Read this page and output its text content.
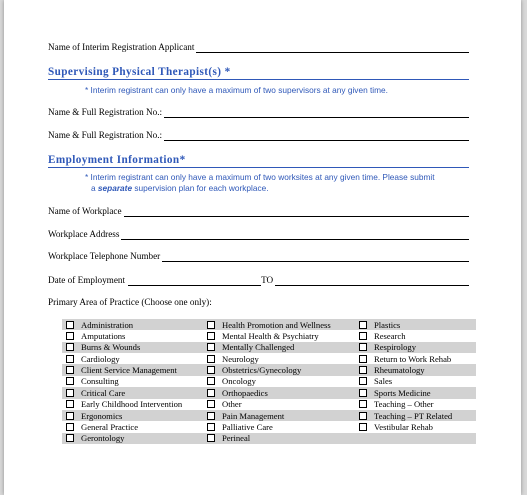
Name of Interim Registration Applicant
Supervising Physical Therapist(s) *
* Interim registrant can only have a maximum of two supervisors at any given time.
Name & Full Registration No.:
Name & Full Registration No.:
Employment Information*
* Interim registrant can only have a maximum of two worksites at any given time. Please submit
a separate supervision plan for each workplace.
Name of Workplace
Workplace Address
Workplace Telephone Number
Date of Employment	TO
Primary Area of Practice (Choose one only):
Administration	Health Promotion and Wellness	Plastics
Amputations	Mental Health & Psychiatry	Research
Burns & Wounds	Mentally Challenged	Respirology
Cardiology	Neurology	Return to Work Rehab
Client Service Management	Obstetrics/Gynecology	Rheumatology
Consulting	Oncology	Sales
Critical Care	Orthopaedics	Sports Medicine
Early Childhood Intervention	Other	Teaching – Other
Ergonomics	Pain Management	Teaching – PT Related
General Practice	Palliative Care	Vestibular Rehab
Gerontology	Perineal
